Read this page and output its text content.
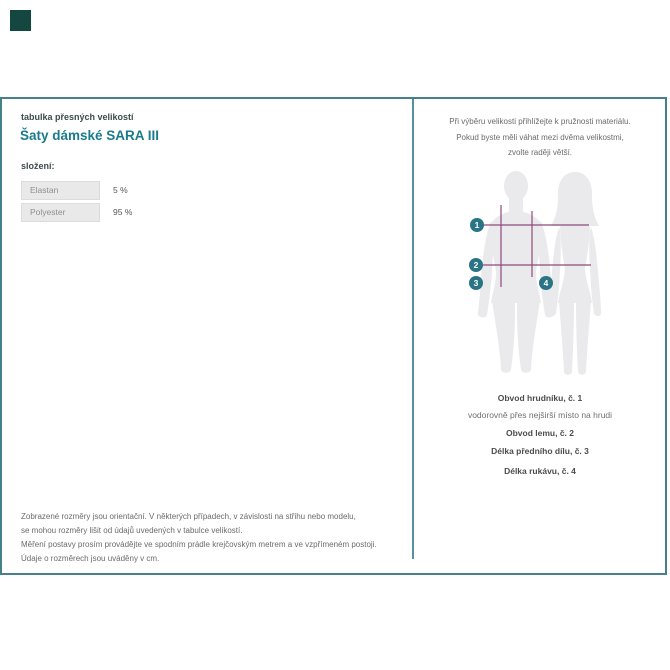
tabulka přesných velikostí
Šaty dámské SARA III
složení:
Elastan	5 %
Polyester	95 %
Zobrazené rozměry jsou orientační. V některých případech, v závislosti na střihu nebo modelu,
se mohou rozměry lišit od údajů uvedených v tabulce velikostí.
Měření postavy prosím provádějte ve spodním prádle krejčovským metrem a ve vzpřímeném postoji.
Údaje o rozměrech jsou uváděny v cm.
Při výběru velikosti přihlížejte k pružnosti materiálu.
Pokud byste měli váhat mezi dvěma velikostmi,
zvolte raději větší.
1
2
3	4
Obvod hrudníku, č. 1
vodorovně přes nejširší místo na hrudi
Obvod lemu, č. 2
Délka předního dílu, č. 3
Délka rukávu, č. 4
